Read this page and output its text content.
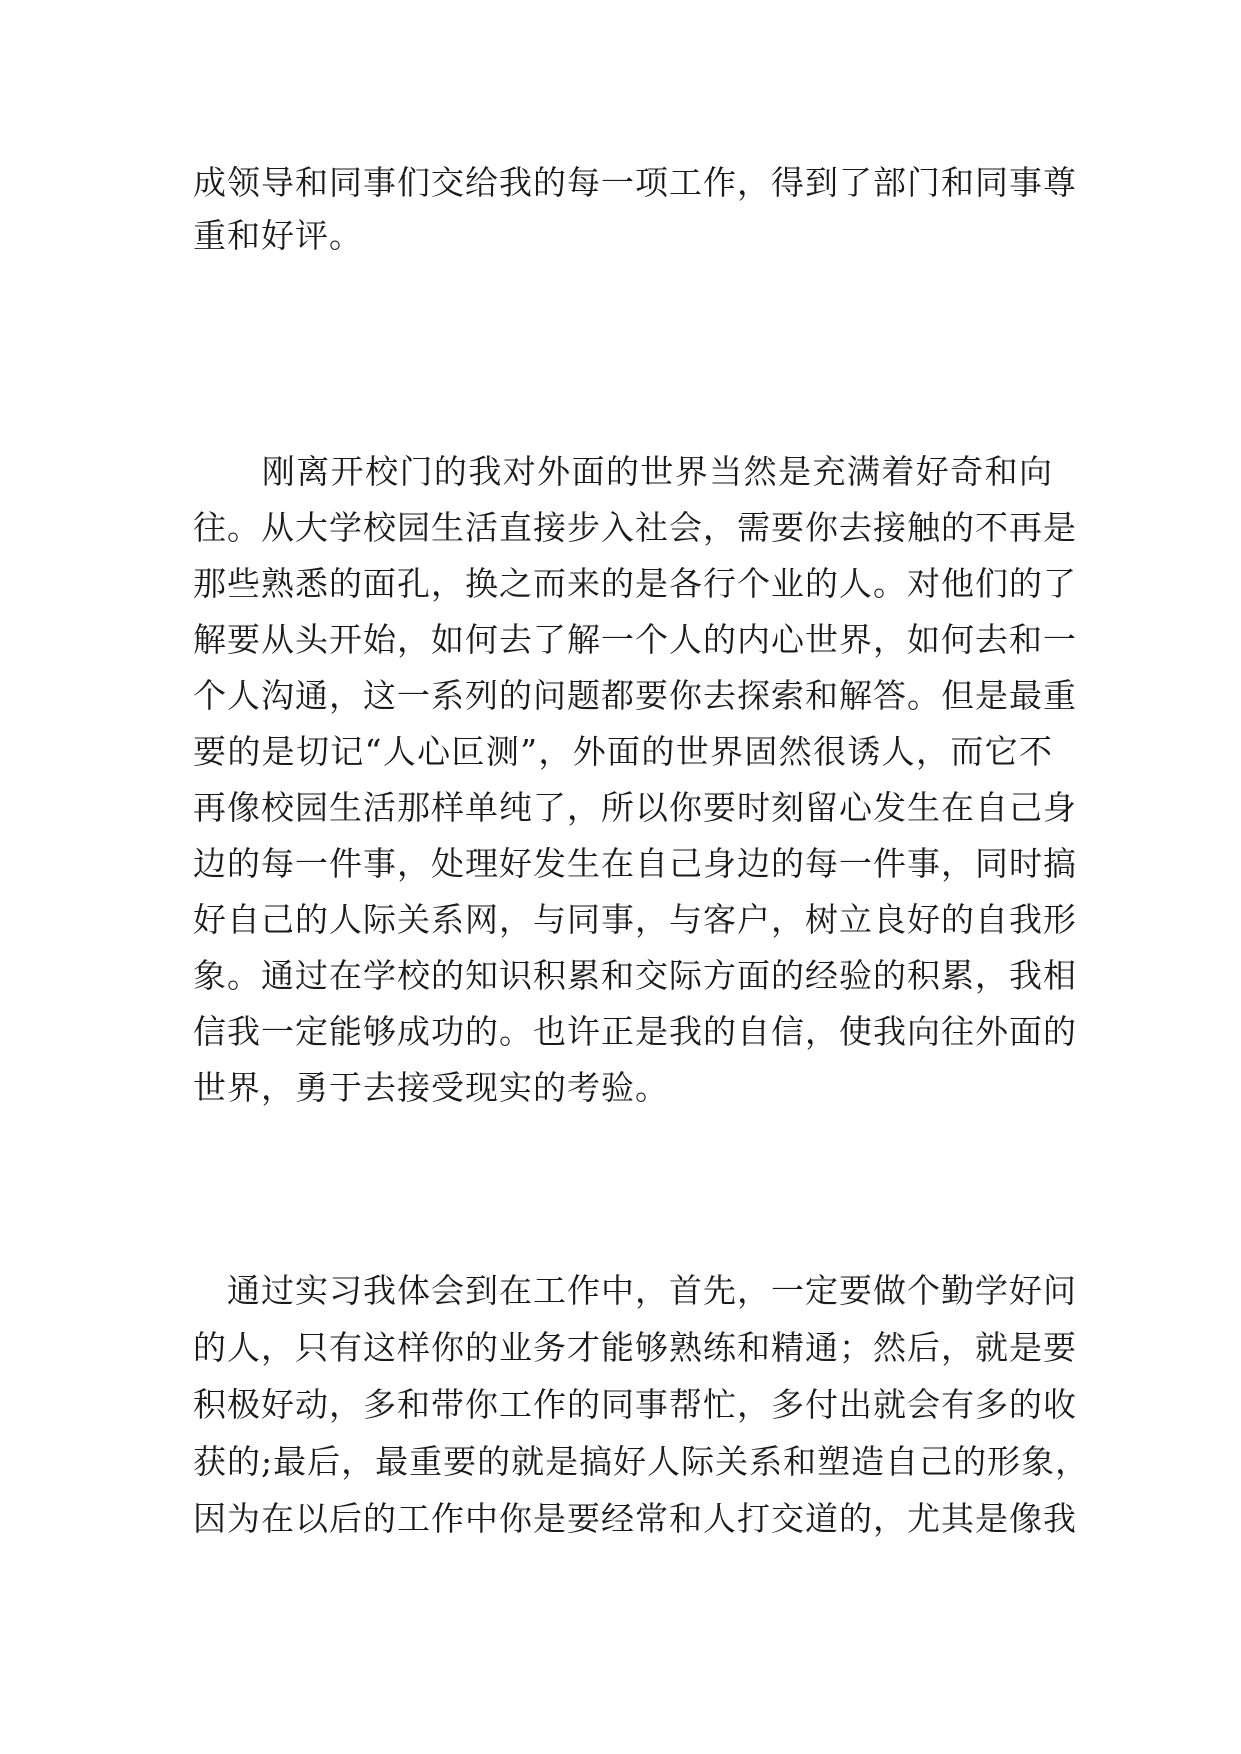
成领导和同事们交给我的每一项工作，得到了部门和同事尊
重和好评。
　　刚离开校门的我对外面的世界当然是充满着好奇和向
往。从大学校园生活直接步入社会，需要你去接触的不再是
那些熟悉的面孔，换之而来的是各行个业的人。对他们的了
解要从头开始，如何去了解一个人的内心世界，如何去和一
个人沟通，这一系列的问题都要你去探索和解答。但是最重
要的是切记“人心叵测”，外面的世界固然很诱人，而它不
再像校园生活那样单纯了，所以你要时刻留心发生在自己身
边的每一件事，处理好发生在自己身边的每一件事，同时搞
好自己的人际关系网，与同事，与客户，树立良好的自我形
象。通过在学校的知识积累和交际方面的经验的积累，我相
信我一定能够成功的。也许正是我的自信，使我向往外面的
世界，勇于去接受现实的考验。
　通过实习我体会到在工作中，首先，一定要做个勤学好问
的人，只有这样你的业务才能够熟练和精通；然后，就是要
积极好动，多和带你工作的同事帮忙，多付出就会有多的收
获的;最后，最重要的就是搞好人际关系和塑造自己的形象，
因为在以后的工作中你是要经常和人打交道的，尤其是像我
